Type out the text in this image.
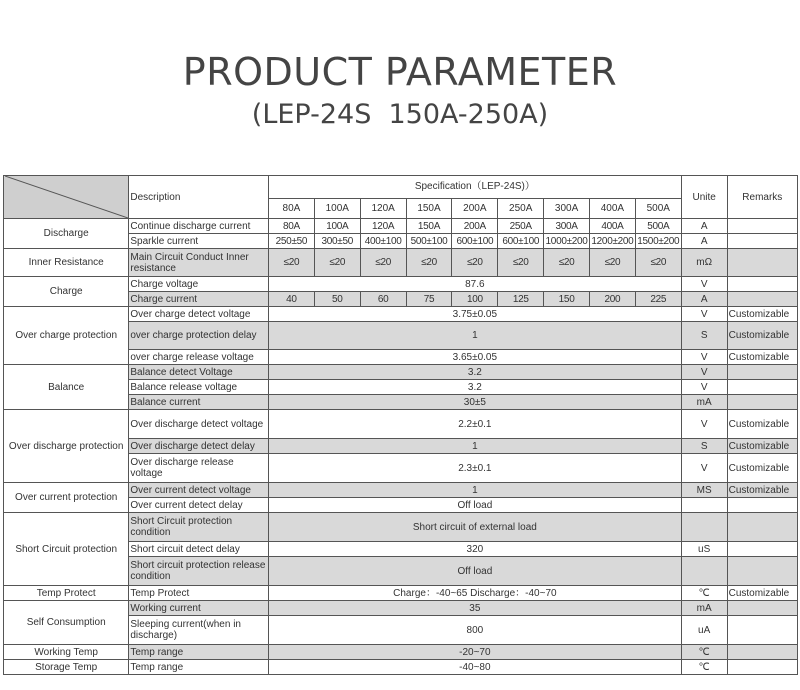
PRODUCT PARAMETER
(LEP-24S  150A-250A)
	Description	Specification（LEP-24S)）									Unite	Remarks
		80A	100A	120A	150A	200A	250A	300A	400A	500A		
Discharge	Continue discharge current	80A	100A	120A	150A	200A	250A	300A	400A	500A	A	
	Sparkle current	250±50	300±50	400±100	500±100	600±100	600±100	1000±200	1200±200	1500±200	A	
Inner Resistance	Main Circuit Conduct Inner resistance	≤20	≤20	≤20	≤20	≤20	≤20	≤20	≤20	≤20	mΩ	
Charge	Charge voltage	87.6									V	
	Charge current	40	50	60	75	100	125	150	200	225	A	
Over charge protection	Over charge detect voltage	3.75±0.05									V	Customizable
	over charge protection delay	1									S	Customizable
	over charge release voltage	3.65±0.05									V	Customizable
Balance	Balance detect Voltage	3.2									V	
	Balance release voltage	3.2									V	
	Balance current	30±5									mA	
Over discharge protection	Over discharge detect voltage	2.2±0.1									V	Customizable
	Over discharge detect delay	1									S	Customizable
	Over discharge release voltage	2.3±0.1									V	Customizable
Over current protection	Over current detect voltage	1									MS	Customizable
	Over current detect delay	Off load										
Short Circuit protection	Short Circuit protection condition	Short circuit of external load										
	Short circuit detect delay	320									uS	
	Short circuit protection release condition	Off load										
Temp Protect	Temp Protect	Charge：-40~65 Discharge：-40~70									℃	Customizable
Self Consumption	Working current	35									mA	
	Sleeping current(when in discharge)	800									uA	
Working Temp	Temp range	-20~70									℃	
Storage Temp	Temp range	-40~80									℃	
